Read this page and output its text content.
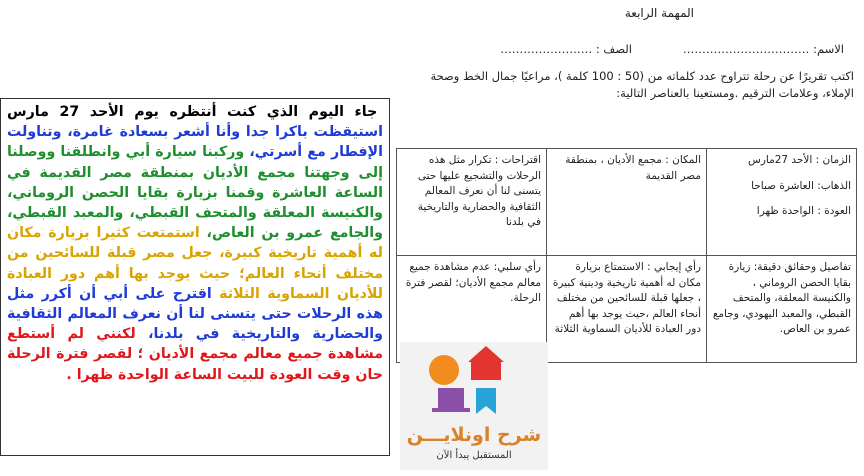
المهمة الرابعة
الاسم: ……………………………
الصف : ……………………
اكتب تقريرًا عن رحلة تتراوح عدد كلماته من (50 : 100 كلمة )، مراعيًا جمال الخط وصحة الإملاء، وعلامات الترقيم .ومستعينا بالعناصر التالية:
الزمان : الأحد 27مارس
الذهاب: العاشرة صباحا
العودة : الواحدة ظهرا	المكان : مجمع الأديان ، بمنطقة مصر القديمة	اقتراحات : تكرار مثل هذه الرحلات والتشجيع عليها حتى يتسنى لنا أن نعرف المعالم الثقافية والحضارية والتاريخية في بلدنا
تفاصيل وحقائق دقيقة: زيارة بقايا الحصن الروماني ، والكنيسة المعلقة، والمتحف القبطي، والمعبد اليهودي، وجامع عمرو بن العاص.	رأي إيجابي : الاستمتاع بزيارة مكان له أهمية تاريخية ودينية كبيرة ، جعلها قبلة للسائحين من مختلف أنحاء العالم ،حيث يوجد بها أهم دور العبادة للأديان السماوية الثلاثة	رأي سلبي: عدم مشاهدة جميع معالم مجمع الأديان؛ لقصر فترة الرحلة.
جاء اليوم الذي كنت أنتظره يوم الأحد 27 مارس استيقظت باكرا جدا وأنا أشعر بسعادة غامرة، وتناولت الإفطار مع أسرتي، وركبنا سيارة أبي وانطلقنا ووصلنا إلى وجهتنا مجمع الأديان بمنطقة مصر القديمة في الساعة العاشرة وقمنا بزيارة بقايا الحصن الروماني، والكنيسة المعلقة والمتحف القبطي، والمعبد القبطي، والجامع عمرو بن العاص، استمتعت كثيرا بزيارة مكان له أهمية تاريخية كبيرة، جعل مصر قبلة للسائحين من مختلف أنحاء العالم؛ حيث يوجد بها أهم دور العبادة للأديان السماوية الثلاثة اقترح على أبي أن أكرر مثل هذه الرحلات حتى يتسنى لنا أن نعرف المعالم الثقافية والحضارية والتاريخية في بلدنا، لكنني لم أستطع مشاهدة جميع معالم مجمع الأديان ؛ لقصر فترة الرحلة حان وقت العودة للبيت الساعة الواحدة ظهرا .
شرح اونلايـــن
المستقبل يبدأ الآن
